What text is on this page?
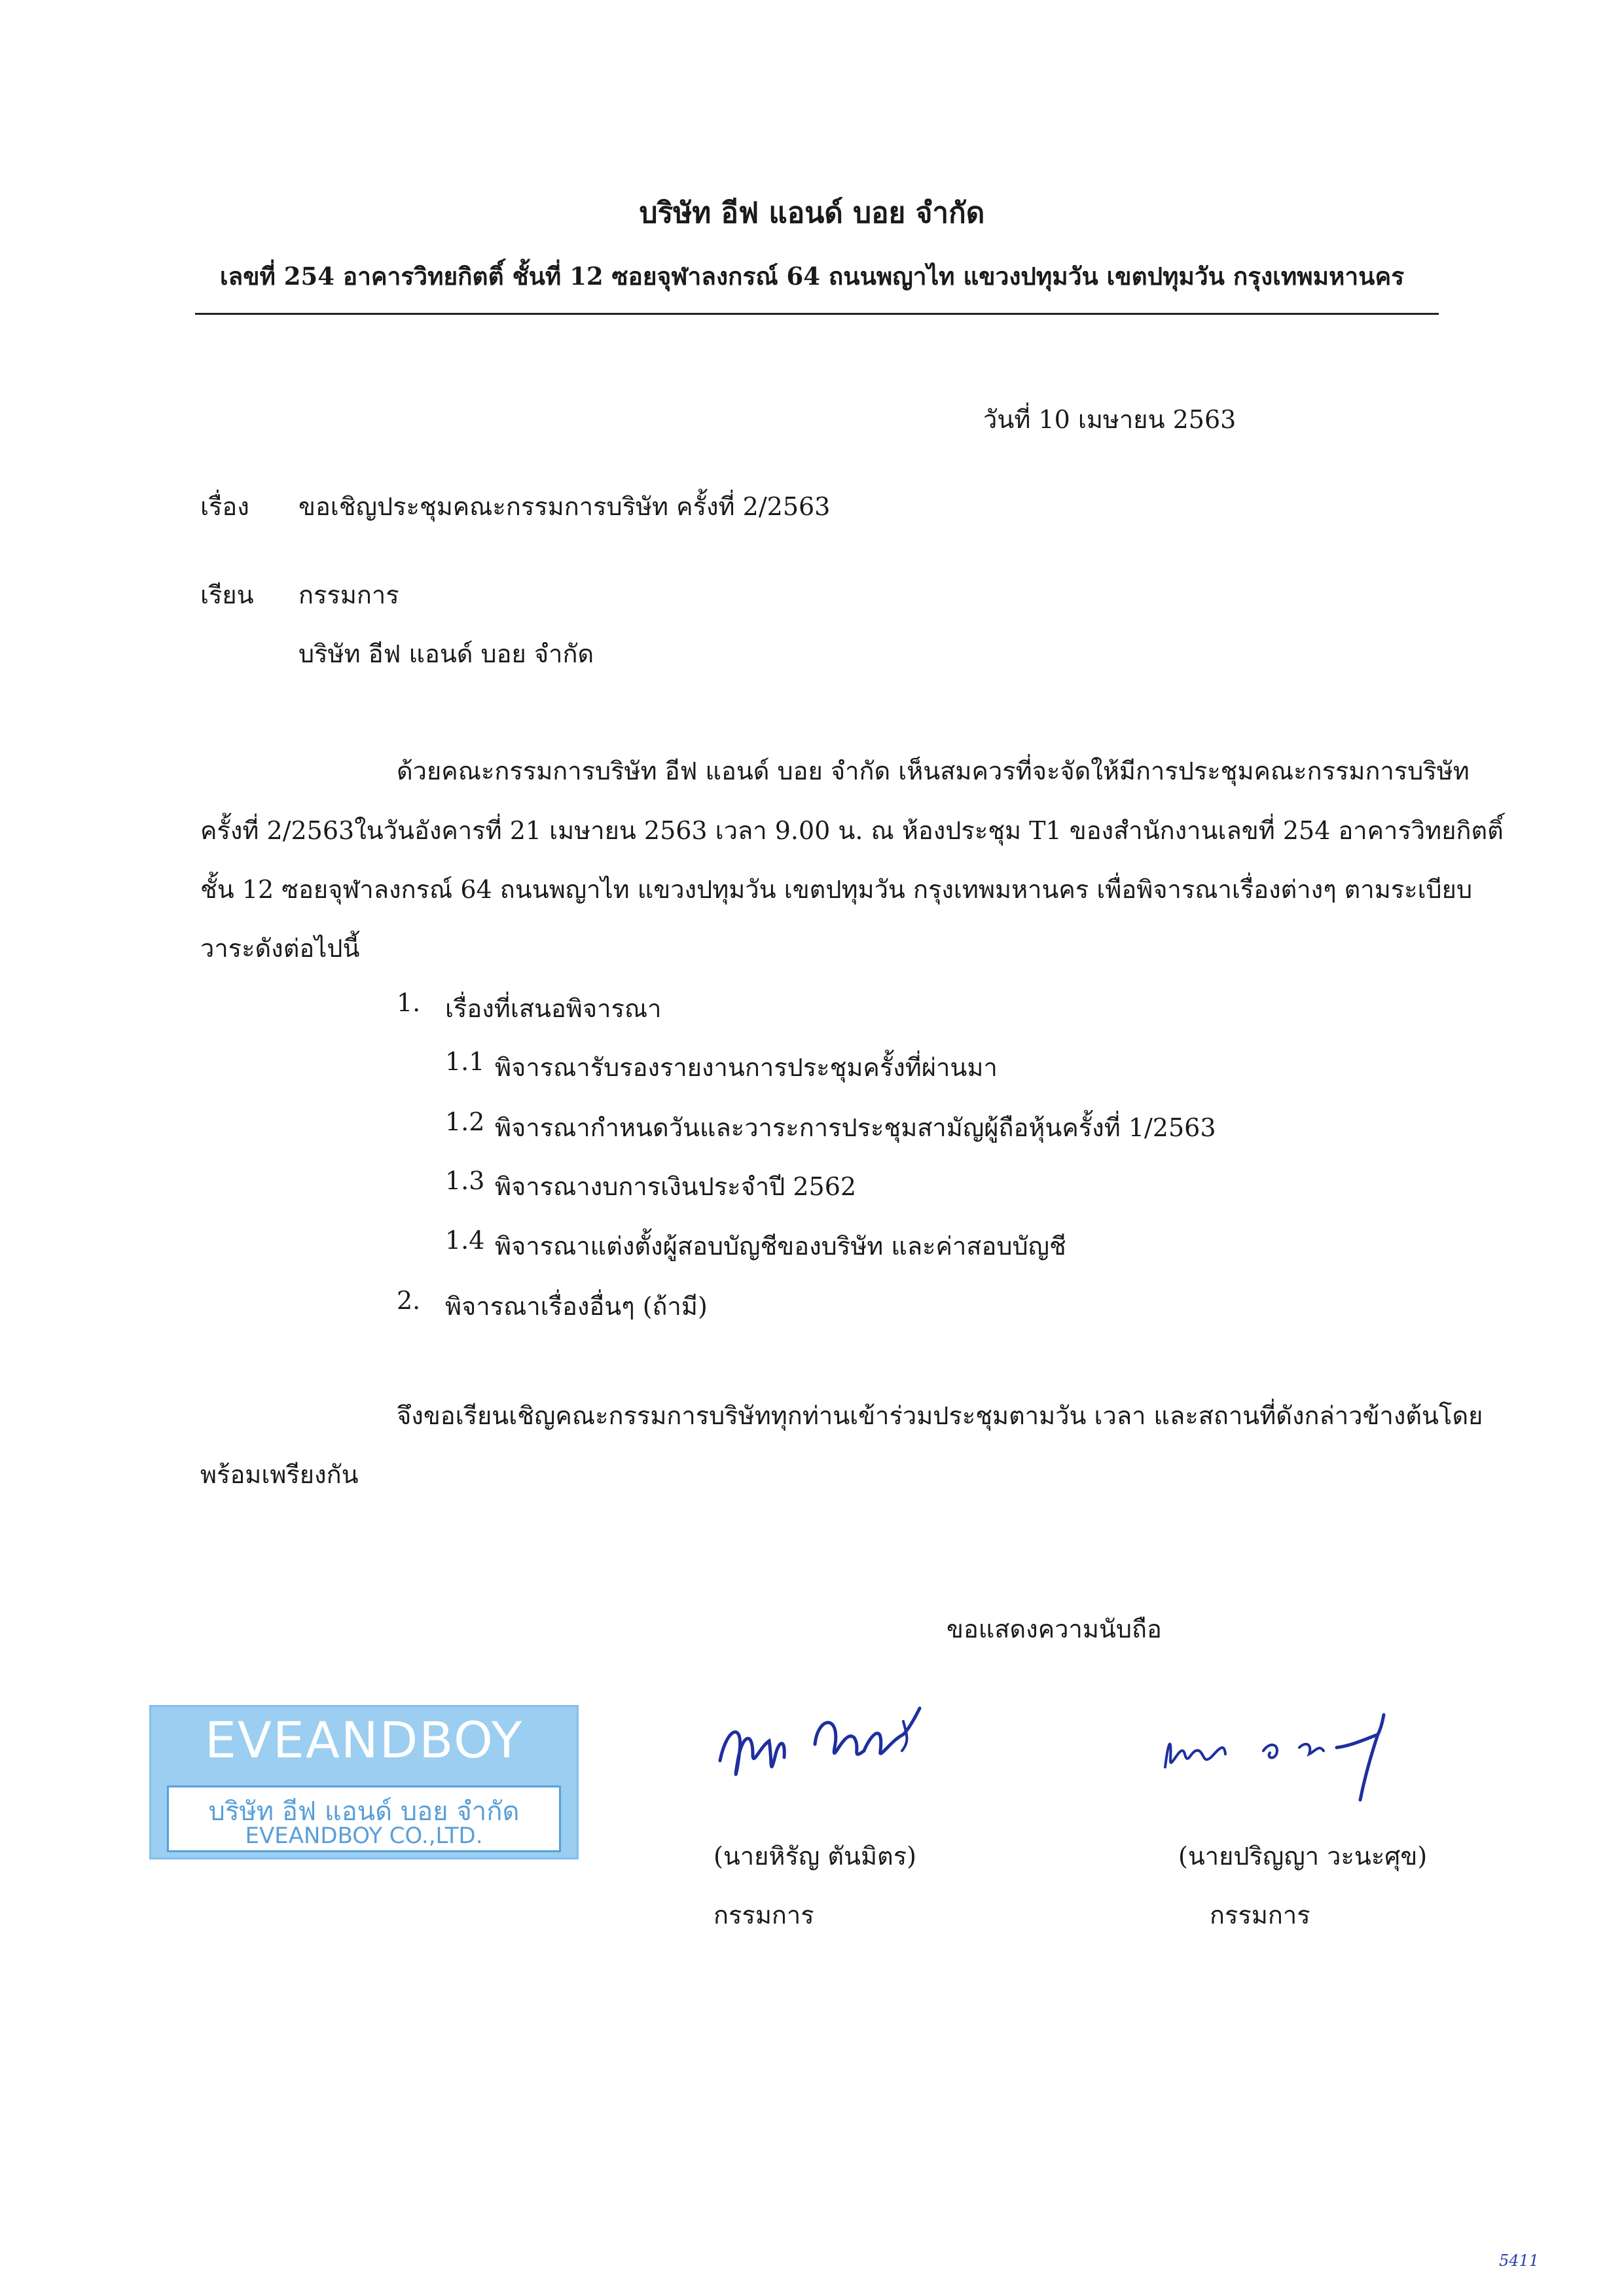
บริษัท อีฟ แอนด์ บอย จำกัด
เลขที่ 254 อาคารวิทยกิตติ์ ชั้นที่ 12 ซอยจุฬาลงกรณ์ 64 ถนนพญาไท แขวงปทุมวัน เขตปทุมวัน กรุงเทพมหานคร
วันที่ 10 เมษายน 2563
เรื่อง ขอเชิญประชุมคณะกรรมการบริษัท ครั้งที่ 2/2563
เรียน กรรมการ
บริษัท อีฟ แอนด์ บอย จำกัด
ด้วยคณะกรรมการบริษัท อีฟ แอนด์ บอย จำกัด เห็นสมควรที่จะจัดให้มีการประชุมคณะกรรมการบริษัท
ครั้งที่ 2/2563ในวันอังคารที่ 21 เมษายน 2563 เวลา 9.00 น. ณ ห้องประชุม T1 ของสำนักงานเลขที่ 254 อาคารวิทยกิตติ์
ชั้น 12 ซอยจุฬาลงกรณ์ 64 ถนนพญาไท แขวงปทุมวัน เขตปทุมวัน กรุงเทพมหานคร เพื่อพิจารณาเรื่องต่างๆ ตามระเบียบ
วาระดังต่อไปนี้
1. เรื่องที่เสนอพิจารณา
1.1 พิจารณารับรองรายงานการประชุมครั้งที่ผ่านมา
1.2 พิจารณากำหนดวันและวาระการประชุมสามัญผู้ถือหุ้นครั้งที่ 1/2563
1.3 พิจารณางบการเงินประจำปี 2562
1.4 พิจารณาแต่งตั้งผู้สอบบัญชีของบริษัท และค่าสอบบัญชี
2. พิจารณาเรื่องอื่นๆ (ถ้ามี)
จึงขอเรียนเชิญคณะกรรมการบริษัททุกท่านเข้าร่วมประชุมตามวัน เวลา และสถานที่ดังกล่าวข้างต้นโดย
พร้อมเพรียงกัน
ขอแสดงความนับถือ
EVEANDBOY
บริษัท อีฟ แอนด์ บอย จำกัด
EVEANDBOY CO.,LTD.
(นายหิรัญ ตันมิตร)
กรรมการ
(นายปริญญา วะนะศุข)
กรรมการ
5411
